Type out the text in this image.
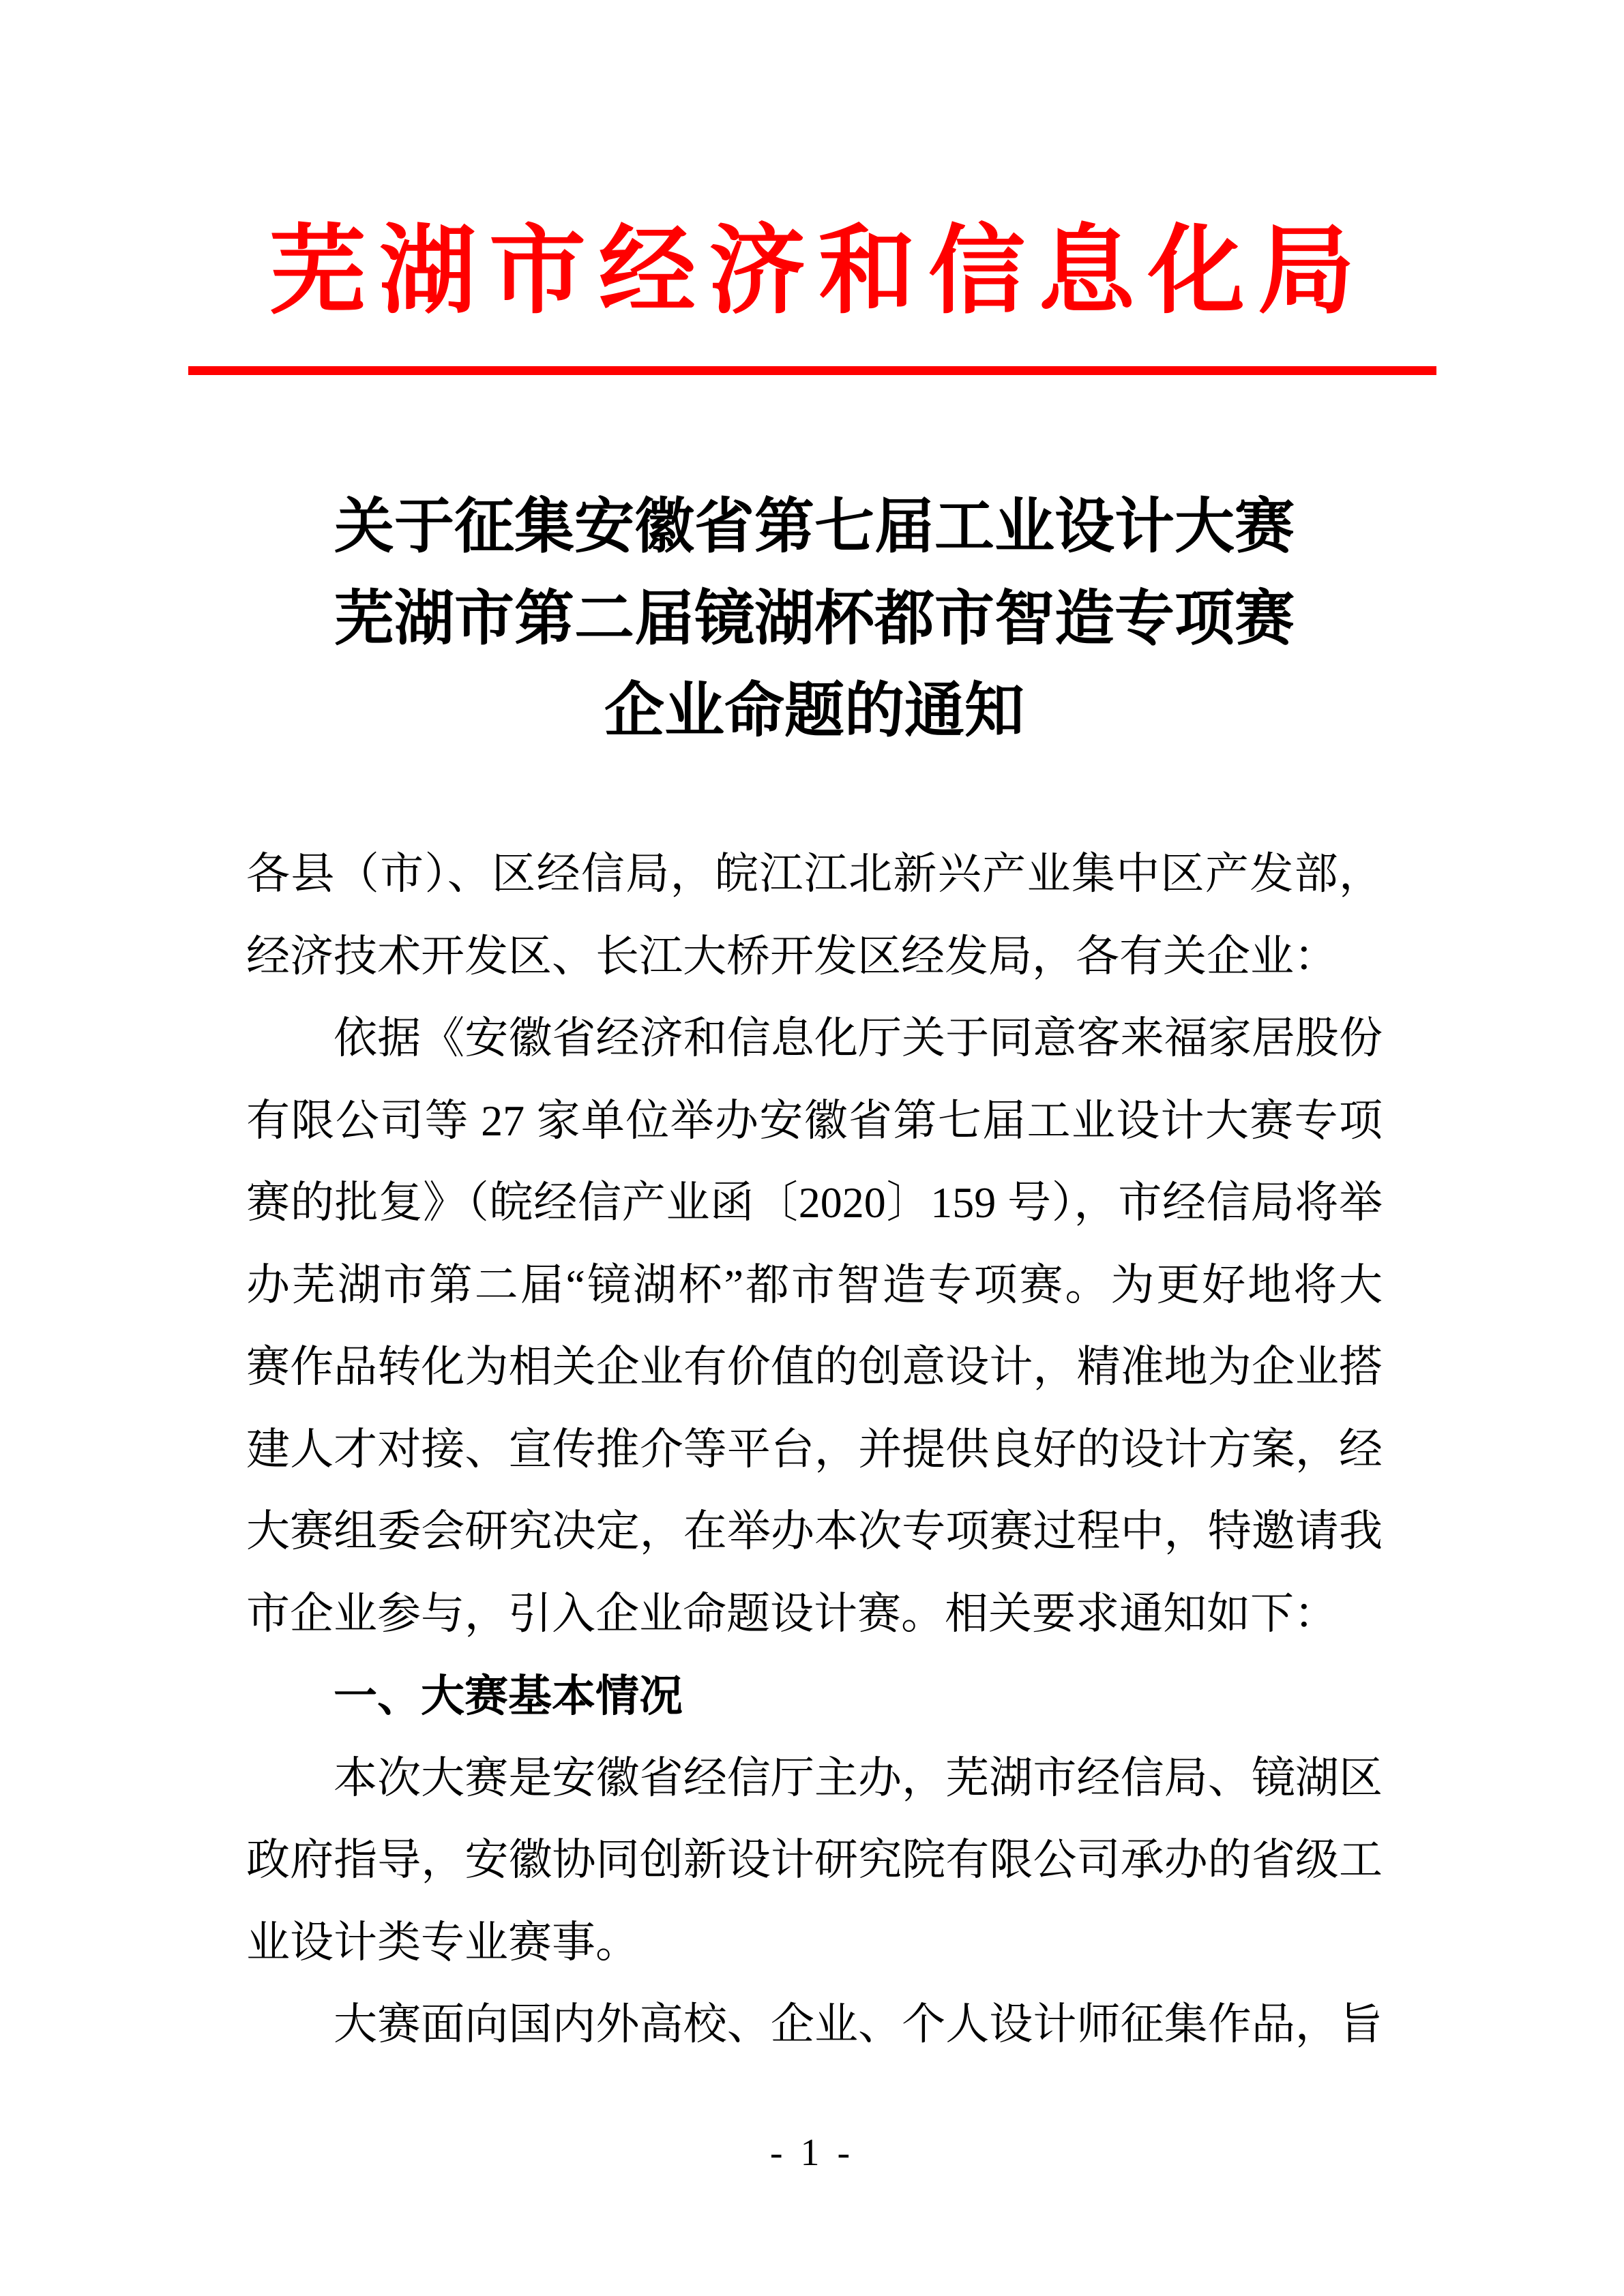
芜湖市经济和信息化局
关于征集安徽省第七届工业设计大赛
芜湖市第二届镜湖杯都市智造专项赛
企业命题的通知
各县（市）、区经信局，皖江江北新兴产业集中区产发部，
经济技术开发区、长江大桥开发区经发局，各有关企业：
依据《安徽省经济和信息化厅关于同意客来福家居股份
有限公司等 27 家单位举办安徽省第七届工业设计大赛专项
赛的批复》（皖经信产业函〔2020〕159 号），市经信局将举
办芜湖市第二届“镜湖杯”都市智造专项赛。为更好地将大
赛作品转化为相关企业有价值的创意设计，精准地为企业搭
建人才对接、宣传推介等平台，并提供良好的设计方案，经
大赛组委会研究决定，在举办本次专项赛过程中，特邀请我
市企业参与，引入企业命题设计赛。相关要求通知如下：
一、大赛基本情况
本次大赛是安徽省经信厅主办，芜湖市经信局、镜湖区
政府指导，安徽协同创新设计研究院有限公司承办的省级工
业设计类专业赛事。
大赛面向国内外高校、企业、个人设计师征集作品，旨
- 1 -
